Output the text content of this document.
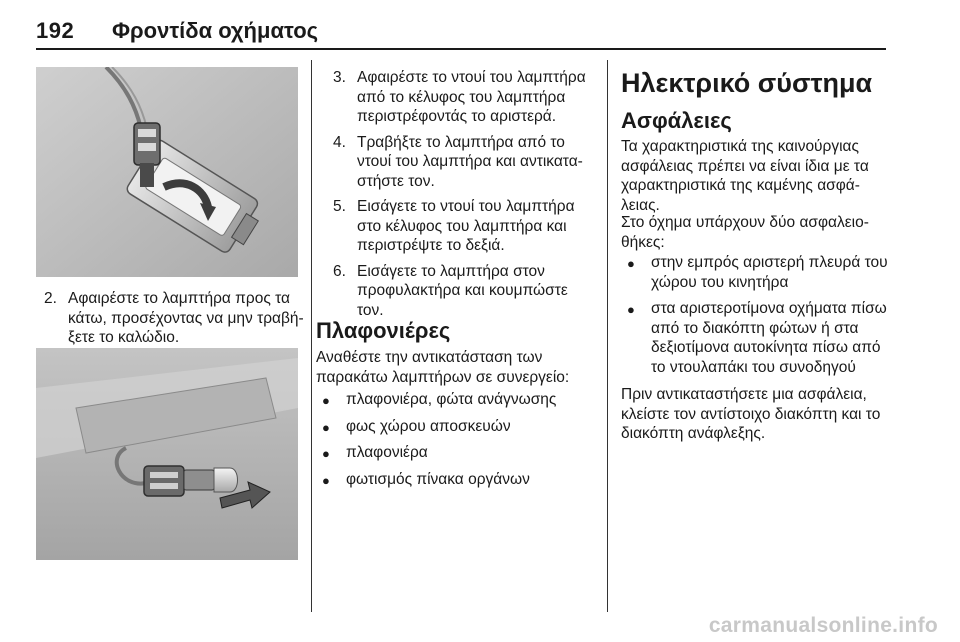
192 Φροντίδα οχήματος
2. Αφαιρέστε το λαμπτήρα προς τα κάτω, προσέχοντας να μην τραβήξετε το καλώδιο.
3. Αφαιρέστε το ντουί του λαμπτήρα από το κέλυφος του λαμπτήρα περιστρέφοντάς το αριστερά.
4. Τραβήξτε το λαμπτήρα από το ντουί του λαμπτήρα και αντικαταστήστε τον.
5. Εισάγετε το ντουί του λαμπτήρα στο κέλυφος του λαμπτήρα και περιστρέψτε το δεξιά.
6. Εισάγετε το λαμπτήρα στον προφυλακτήρα και κουμπώστε τον.
Πλαφονιέρες

Αναθέστε την αντικατάσταση των παρακάτω λαμπτήρων σε συνεργείο:

● πλαφονιέρα, φώτα ανάγνωσης
● φως χώρου αποσκευών
● πλαφονιέρα
● φωτισμός πίνακα οργάνων
Ηλεκτρικό σύστημα
Ασφάλειες

Τα χαρακτηριστικά της καινούργιας ασφάλειας πρέπει να είναι ίδια με τα χαρακτηριστικά της καμένης ασφάλειας.

Στο όχημα υπάρχουν δύο ασφαλειοθήκες:

● στην εμπρός αριστερή πλευρά του χώρου του κινητήρα
● στα αριστεροτίμονα οχήματα πίσω από το διακόπτη φώτων ή στα δεξιοτίμονα αυτοκίνητα πίσω από το ντουλαπάκι του συνοδηγού

Πριν αντικαταστήσετε μια ασφάλεια, κλείστε τον αντίστοιχο διακόπτη και το διακόπτη ανάφλεξης.

carmanualsonline.info
